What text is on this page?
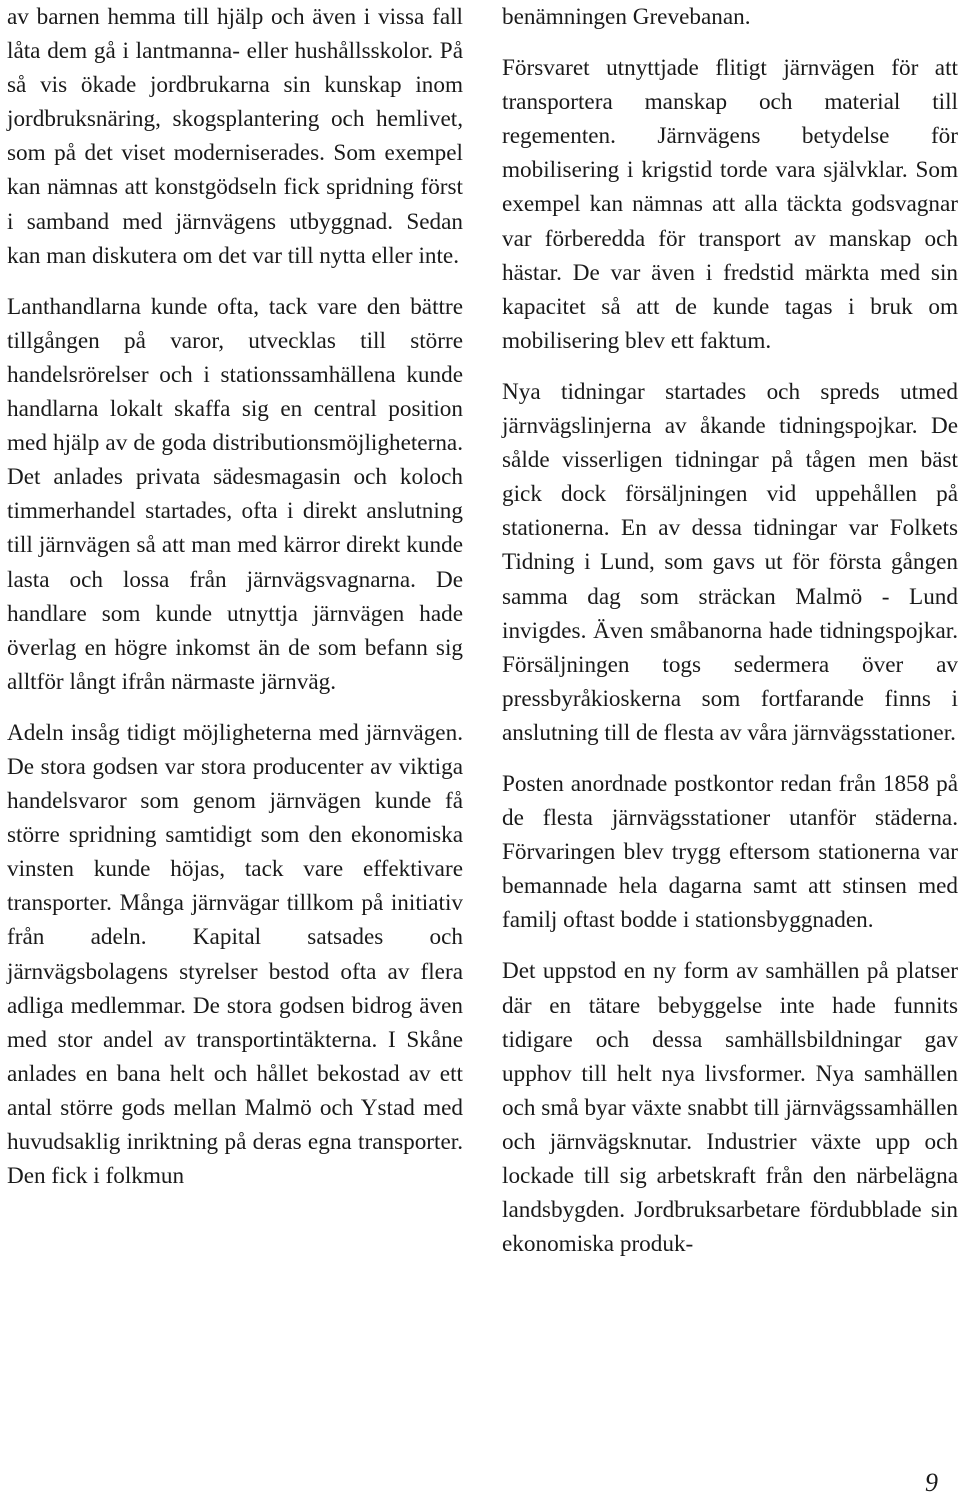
av barnen hemma till hjälp och även i vissa fall låta dem gå i lantmanna- eller hushållsskolor. På så vis ökade jordbrukarna sin kunskap inom jordbruksnäring, skogsplantering och hemlivet, som på det viset moderniserades. Som exempel kan nämnas att konstgödseln fick spridning först i samband med järnvägens utbyggnad. Sedan kan man diskutera om det var till nytta eller inte.

Lanthandlarna kunde ofta, tack vare den bättre tillgången på varor, utvecklas till större handelsrörelser och i stationssamhällena kunde handlarna lokalt skaffa sig en central position med hjälp av de goda distributionsmöjligheterna. Det anlades privata sädesmagasin och koloch timmerhandel startades, ofta i direkt anslutning till järnvägen så att man med kärror direkt kunde lasta och lossa från järnvägsvagnarna. De handlare som kunde utnyttja järnvägen hade överlag en högre inkomst än de som befann sig alltför långt ifrån närmaste järnväg.

Adeln insåg tidigt möjligheterna med järnvägen. De stora godsen var stora producenter av viktiga handelsvaror som genom järnvägen kunde få större spridning samtidigt som den ekonomiska vinsten kunde höjas, tack vare effektivare transporter. Många järnvägar tillkom på initiativ från adeln. Kapital satsades och järnvägsbolagens styrelser bestod ofta av flera adliga medlemmar. De stora godsen bidrog även med stor andel av transportintäkterna. I Skåne anlades en bana helt och hållet bekostad av ett antal större gods mellan Malmö och Ystad med huvudsaklig inriktning på deras egna transporter. Den fick i folkmun

benämningen Grevebanan.

Försvaret utnyttjade flitigt järnvägen för att transportera manskap och material till regementen. Järnvägens betydelse för mobilisering i krigstid torde vara självklar. Som exempel kan nämnas att alla täckta godsvagnar var förberedda för transport av manskap och hästar. De var även i fredstid märkta med sin kapacitet så att de kunde tagas i bruk om mobilisering blev ett faktum.

Nya tidningar startades och spreds utmed järnvägslinjerna av åkande tidningspojkar. De sålde visserligen tidningar på tågen men bäst gick dock försäljningen vid uppehållen på stationerna. En av dessa tidningar var Folkets Tidning i Lund, som gavs ut för första gången samma dag som sträckan Malmö - Lund invigdes. Även småbanorna hade tidningspojkar. Försäljningen togs sedermera över av pressbyråkioskerna som fortfarande finns i anslutning till de flesta av våra järnvägsstationer.

Posten anordnade postkontor redan från 1858 på de flesta järnvägsstationer utanför städerna. Förvaringen blev trygg eftersom stationerna var bemannade hela dagarna samt att stinsen med familj oftast bodde i stationsbyggnaden.

Det uppstod en ny form av samhällen på platser där en tätare bebyggelse inte hade funnits tidigare och dessa samhällsbildningar gav upphov till helt nya livsformer. Nya samhällen och små byar växte snabbt till järnvägssamhällen och järnvägsknutar. Industrier växte upp och lockade till sig arbetskraft från den närbelägna landsbygden. Jordbruksarbetare fördubblade sin ekonomiska produk-

9
